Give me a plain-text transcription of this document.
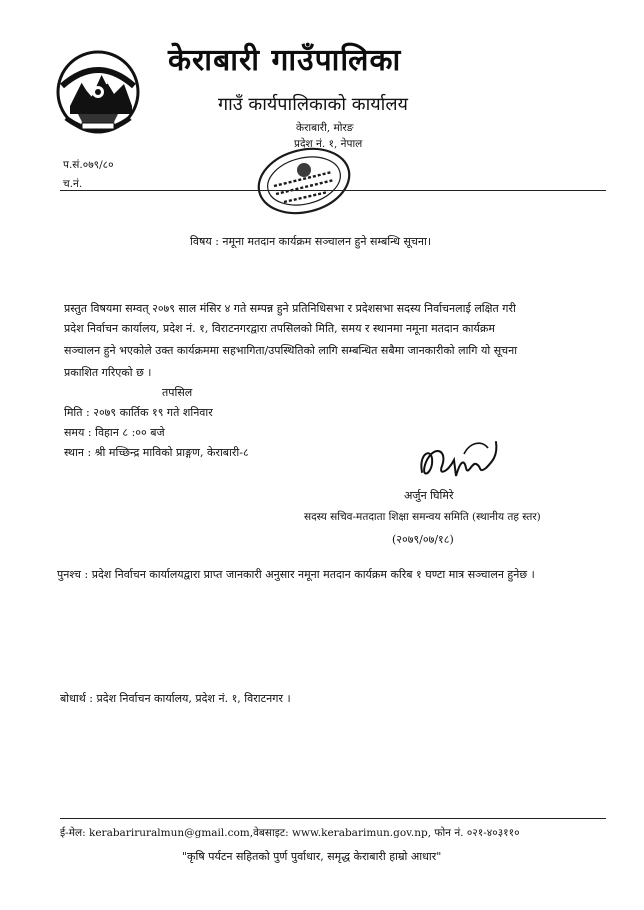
केराबारी गाउँपालिका
गाउँ कार्यपालिकाको कार्यालय
केराबारी, मोरङ
प्रदेश नं. १, नेपाल
प.सं.०७९/८०
च.नं.
विषय : नमूना मतदान कार्यक्रम सञ्चालन हुने सम्बन्धि सूचना।
प्रस्तुत विषयमा सम्वत् २०७९ साल मंसिर ४ गते सम्पन्न हुने प्रतिनिधिसभा र प्रदेशसभा सदस्य निर्वाचनलाई लक्षित गरी
प्रदेश निर्वाचन कार्यालय, प्रदेश नं. १, विराटनगरद्वारा तपसिलको मिति, समय र स्थानमा नमूना मतदान कार्यक्रम
सञ्चालन हुने भएकोले उक्त कार्यक्रममा सहभागिता/उपस्थितिको लागि सम्बन्धित सबैमा जानकारीको लागि यो सूचना
प्रकाशित गरिएको छ ।
तपसिल
मिति : २०७९ कार्तिक १९ गते शनिवार
समय : विहान ८ :०० बजे
स्थान : श्री मच्छिन्द्र माविको प्राङ्गण, केराबारी-८
अर्जुन घिमिरे
सदस्य सचिव-मतदाता शिक्षा समन्वय समिति (स्थानीय तह स्तर)
(२०७९/०७/१८)
पुनश्च : प्रदेश निर्वाचन कार्यालयद्वारा प्राप्त जानकारी अनुसार नमूना मतदान कार्यक्रम करिब १ घण्टा मात्र सञ्चालन हुनेछ ।
बोधार्थ : प्रदेश निर्वाचन कार्यालय, प्रदेश नं. १, विराटनगर ।
ई-मेल: kerabariruralmun@gmail.com,वेबसाइट: www.kerabarimun.gov.np, फोन नं. ०२१-४०३११०
"कृषि पर्यटन सहितको पुर्ण पुर्वाधार, समृद्ध केराबारी हाम्रो आधार"
